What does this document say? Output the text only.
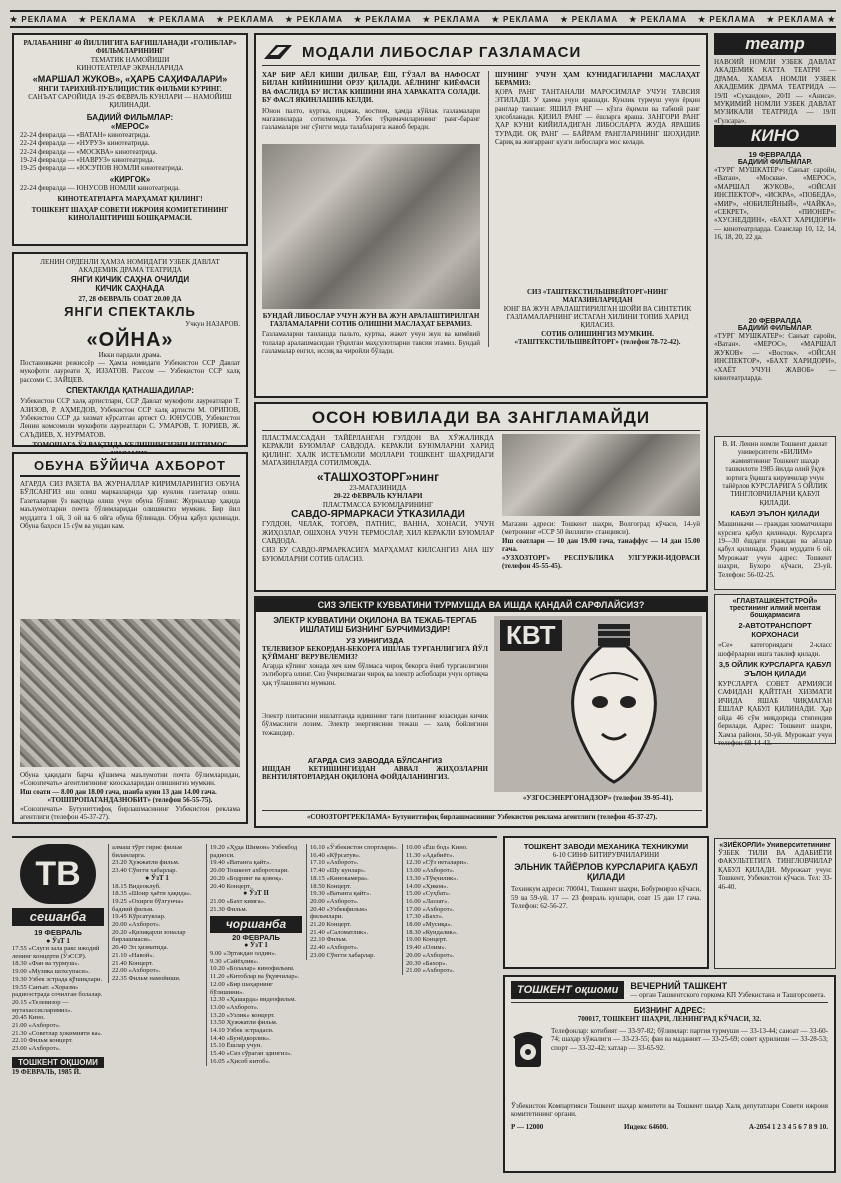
★ РЕКЛАМА ★ РЕКЛАМА ★ РЕКЛАМА ★ РЕКЛАМА ★ РЕКЛАМА ★ РЕКЛАМА ★ РЕКЛАМА ★ РЕКЛАМА ★ РЕКЛАМА ★ РЕКЛАМА ★ РЕКЛАМА ★ РЕКЛАМА ★
РАЛАБАНИНГ 40 ЙИЛЛИГИГА БАҒИШЛАНАДИ «ГОЛИБЛАР» ФИЛЬМЛАРИНИНГ
ТЕМАТИК НАМОЙИШИ
КИНОТЕАТРЛАР ЭКРАНЛАРИДА
«МАРШАЛ ЖУКОВ», «ҲАРБ САҲИФАЛАРИ»
ЯНГИ ТАРИХИЙ-ПУБЛИЦИСТИК ФИЛЬМИ КУРИНГ.
САНЪАТ САРОЙИДА 19-25 ФЕВРАЛЬ КУНЛАРИ — НАМОЙИШ ҚИЛИНАДИ.
БАДИИЙ ФИЛЬМЛАР:
«МЕРОС»
22-24 февралда — «ВАТАН» кинотеатрида.
22-24 февралда — «НУРУЗ» кинотеатрида.
22-24 февралда — «МОСКВА» кинотеатрида.
19-24 февралда — «НАВРУЗ» кинотеатрида.
19-25 февралда — «ЮСУПОВ НОМЛИ кинотеатрида.
«КИРГОК»
22-24 февралда — ЮНУСОВ НОМЛИ кинотеатрида.
КИНОТЕАТРЛАРГА МАРҲАМАТ ҚИЛИНГ!
ТОШКЕНТ ШАҲАР СОВЕТИ ИЖРОИЯ КОМИТЕТИНИНГ КИНОЛАШТИРИШ БОШҚАРМАСИ.
ЛЕНИН ОРДЕНЛИ ҲАМЗА НОМИДАГИ УЗБЕК ДАВЛАТ АКАДЕМИК ДРАМА ТЕАТРИДА
ЯНГИ КИЧИК САҲНА ОЧИЛДИ
КИЧИК САҲНАДА
27, 28 ФЕВРАЛЬ СОАТ 20.00 ДА
ЯНГИ СПЕКТАКЛЬ
Учкун НАЗАРОВ.
«ОЙНА»
Икки пардали драма.
Постановкачи режиссёр — Ҳамза номидаги Узбекистон ССР Давлат мукофоти лауреати Ҳ. ИЗЗАТОВ. Рассом — Узбекистон ССР халқ рассоми С. ЗАЙЦЕВ.
СПЕКТАКЛДА ҚАТНАШАДИЛАР:
Узбекистон ССР халқ артистлари, ССР Давлат мукофоти лауреатлари Т. АЗИЗОВ, Р. АҲМЕДОВ, Узбекистон ССР халқ артисти М. ОРИПОВ, Узбекистон ССР да хизмат кўрсатган артист О. ЮНУСОВ, Узбекистон Ленин комсомоли мукофоти лауреатлари С. УМАРОВ, Т. ЮРИЕВ, Ж. САЪДИЕВ, Х. НУРМАТОВ.
ТОМОШАГА ЎЗ ВАҚТИДА КЕЛИШИНГИЗНИ ИЛТИМОС
ОБУНА БЎЙИЧА АХБОРОТ
АГАРДА СИЗ РАЗЕТА ВА ЖУРНАЛЛАР КИРИМЛАРИНГИЗ ОБУНА БЎЛСАНГИЗ иш олиш марказларида ҳар кунлик газеталар олиш. Газеталарни ўз вақтида олиш учун обуна бўлинг. Журналлар ҳақида маълумотларни почта бўлимларидан олишингиз мумкин. Бир йил муддатга 1 ой, 3 ой ва 6 ойга обуна бўлинади. Обуна қабул қилинади. Обуна баҳоси 15 сўм ва ундан кам.
Обуна ҳақидаги барча қўшимча маълумотни почта бўлимларидан, «Союзпечать» агентлигининг киоскаларидан олишингиз мумкин.
Иш соати — 8.00 дан 18.00 гача, шанба куни 13 дан 14.00 гача.
«ТОШПРОПАГАНДАЗНОБИТ» (телефон 56-55-75).
«Союзпечать» Бутуниттифоқ бирлашмасининг Узбекистон реклама агентлиги (телефон 45-37-27).
МОДАЛИ ЛИБОСЛАР ГАЗЛАМАСИ
ХАР БИР АЁЛ КИШИ ДИЛБАР, ЁШ, ГЎЗАЛ ВА НАФОСАТ БИЛАН КИЙИНИШНИ ОРЗУ ҚИЛАДИ. АЁЛНИНГ КИЁФАСИ ВА ФАСЛИДА БУ ИСТАК КИШИНИ ЯНА ХАРАКАТГА СОЛАДИ. БУ ФАСЛ ЯКИНЛАШИБ КЕЛДИ.
Юнон палто, куртка, пиджак, костюм, ҳамда кўйлак газламалари магазинларда сотилмоқда. Узбек тўқимачиларининг ранг-баранг газламалари энг сўнгги мода талабларига жавоб беради.
БУНДАЙ ЛИБОСЛАР УЧУН ЖУН ВА ЖУН АРАЛАШТИРИЛГАН ГАЗЛАМАЛАРНИ СОТИБ ОЛИШНИ МАСЛАҲАТ БЕРАМИЗ.
Газламаларни танлашда пальто, куртка, жакет учун жун ва кимёвий толалар аралашмасидан тўқилган маҳсулотларни тавсия этамиз. Бундай газламалар енгил, иссиқ ва чиройли бўлади.
ШУНИНГ УЧУН ҲАМ КУНИДАГИЛАРНИ МАСЛАҲАТ БЕРАМИЗ:
ҚОРА РАНГ ТАНТАНАЛИ МАРОСИМЛАР УЧУН ТАВСИЯ ЭТИЛАДИ. У ҳамма учун ярашади. Кунлик турмуш учун ёрқин ранглар танланг. ЯШИЛ РАНГ — кўзга ёқимли ва табиий ранг ҳисобланади. ҚИЗИЛ РАНГ — ёшларга яраша. ЗАНГОРИ РАНГ ҲАР КУНИ КИЙИЛАДИГАН ЛИБОСЛАРГА ЖУДА ЯРАШИБ ТУРАДИ. ОҚ РАНГ — БАЙРАМ РАНГЛАРИНИНГ ШОҲИДИР. Сариқ ва жигарранг кузги либосларга мос келади.
СИЗ «ТАШТЕКСТИЛЬШВЕЙТОРГ»НИНГ МАГАЗИНЛАРИДАН
ЮНГ ВА ЖУН АРАЛАШТИРИЛГАН ШОЙИ ВА СИНТЕТИК ГАЗЛАМАЛАРНИНГ ИСТАГАН ХИЛИНИ ТОПИБ ХАРИД ҚИЛАСИЗ.
СОТИБ ОЛИШИНГИЗ МУМКИН.
«ТАШТЕКСТИЛЬШВЕЙТОРГ» (телефон 78-72-42).
театр
НАВОИЙ НОМЛИ УЗБЕК ДАВЛАТ АКАДЕМИК КАТТА ТЕАТРИ — ДРАМА. ХАМЗА НОМЛИ УЗБЕК АКАДЕМИК ДРАМА ТЕАТРИДА — 19/II «Сухандон», 20/II — «Аниса». МУҚИМИЙ НОМЛИ УЗБЕК ДАВЛАТ МУЗИКАЛИ ТЕАТРИДА — 19/II «Гулсара».
КИНО
19 ФЕВРАЛДА
БАДИИЙ ФИЛЬМЛАР.
«ТУРГ МУШКАТЕР»: Санъат саройи, «Ватан», «Москва». «МЕРОС», «МАРШАЛ ЖУКОВ», «ОЙСАН ИНСПЕКТОР», «ИСКРА», «ПОБЕДА», «МИР», «ЮБИЛЕЙНЫЙ», «ЧАЙКА», «СЕКРЕТ», «ПИОНЕР»: «ХУСНЕДДИН», «БАХТ ХАРИДОРИ» — кинотеатрларда. Сеанслар 10, 12, 14, 16, 18, 20, 22 да.
20 ФЕВРАЛДА
БАДИИЙ ФИЛЬМЛАР.
«ТУРГ МУШКАТЕР»: Санъат саройи, «Ватан». «МЕРОС», «МАРШАЛ ЖУКОВ» — «Восток». «ОЙСАН ИНСПЕКТОР», «БАХТ ХАРИДОРИ», «ХАЁТ УЧУН ЖАВОБ» — кинотеатрларда.
В. И. Ленин номли Тошкент давлат университети «БИЛИМ» жамиятининг Тошкент шаҳар ташкилоти 1985 йилда олий ўқув юртига ўқишга кирувчилар учун тайёрлов КУРСЛАРИГА 5 ОЙЛИК ТИНГЛОВЧИЛАРНИ ҚАБУЛ ҚИЛАДИ.
КАБУЛ ЭЪЛОН ҚИЛАДИ
Машинкачи — граждан хизматчилари курсига қабул қилинади. Курсларга 19—30 ёшдаги граждан ва аёллар қабул қилинади. Ўқиш муддати 6 ой. Мурожаат учун адрес: Тошкент шаҳри, Бухоро кўчаси, 23-уй. Телефон: 56-02-25.
«ГЛАВТАШКЕНТСТРОЙ» трестининг илмий монтаж бошқармасига
2-АВТОТРАНСПОРТ КОРХОНАСИ
«Се» категориядаги 2-класс шофёрларни ишга таклиф қилади.
3,5 ОЙЛИК КУРСЛАРГА ҚАБУЛ ЭЪЛОН ҚИЛАДИ
КУРСЛАРГА СОВЕТ АРМИЯСИ САФИДАН ҚАЙТГАН ХИЗМАТИ ИЧИДА ЯШАБ ЧИҚМАГАН ЁШЛАР ҚАБУЛ ҚИЛИНАДИ. Ҳар ойда 46 сўм миқдорида стипендия берилади. Адрес: Тошкент шаҳри, Хамза райони, 50-уй. Мурожаат учун телефон 68-14-43.
ОСОН ЮВИЛАДИ ВА ЗАНГЛАМАЙДИ
ПЛАСТМАССАДАН ТАЙЁРЛАНГАН ГУЛДОН ВА ХЎЖАЛИКДА КЕРАКЛИ БУЮМЛАР САВДОДА. КЕРАКЛИ БУЮМЛАРНИ ХАРИД ҚИЛИНГ. ХАЛК ИСТЕЪМОЛИ МОЛЛАРИ ТОШКЕНТ ШАҲРИДАГИ МАГАЗИНЛАРДА СОТИЛМОҚДА.
«ТАШХОЗТОРГ»нинг
23-МАГАЗИНИДА
20-22 ФЕВРАЛЬ КУНЛАРИ
ПЛАСТМАССА БУЮМЛАРИНИНГ
САВДО-ЯРМАРКАСИ ЎТКАЗИЛАДИ
ГУЛДОН, ЧЕЛАК, ТОГОРА, ПАТНИС, ВАННА, ХОНАСИ, УЧУН ЖИҲОЗЛАР, ОШХОНА УЧУН ТЕРМОСЛАР, ХИЛ КЕРАКЛИ БУЮМЛАР САВДОДА.
СИЗ БУ САВДО-ЯРМАРКАСИГА МАРҲАМАТ КИЛСАНГИЗ АНА ШУ БУЮМЛАРНИ СОТИБ ОЛАСИЗ.
Магазин адреси: Тошкент шаҳри, Волгоград кўчаси, 14-уй (метронинг «ССР 50 йиллиги» станцияси).
Иш соатлари — 10 дан 19.00 гача, танаффус — 14 дан 15.00 гача.
«УЗХОЗТОРГ» РЕСПУБЛИКА УЛГУРЖИ-ИДОРАСИ (телефон 45-55-45).
СИЗ ЭЛЕКТР КУВВАТИНИ ТУРМУШДА ВА ИШДА ҚАНДАЙ САРФЛАЙСИЗ?
ЭЛЕКТР КУВВАТИНИ ОҚИЛОНА ВА ТЕЖАБ-ТЕРГАБ ИШЛАТИШ БИЗНИНГ БУРЧИМИЗДИР!
УЗ УИНИГИЗДА
ТЕЛЕВИЗОР БЕКОРДАН-БЕКОРГА ИШЛАБ ТУРГАНЛИГИГА ЙЎЛ ҚЎЙМАНГ ВЕРУВЕЛЕМИЗ?
Агарда кўпинг хонада хеч ким бўлмаса чироқ бекорга ёниб турганлигини эътиборга олинг. Сиз ўчирилмаган чироқ ва электр асбоблари учун ортиқча ҳақ тўлашингиз мумкин.
Электр плитасини ишлатганда идишнинг таги плитанинг юзасидан кичик бўлмаслиги лозим. Электр энергиясини тежаш — халқ бойлигини тежашдир.
АГАРДА СИЗ ЗАВОДДА БЎЛСАНГИЗ
ИШДАН КЕТИШИНГИЗДАН АВВАЛ ЖИҲОЗЛАРНИ ВЕНТИЛЯТОРЛАРДАН ОҚИЛОНА ФОЙДАЛАНИНГИЗ.
КВТ
«УЗГОСЭНЕРГОНАДЗОР» (телефон 39-95-41).
«СОЮЗТОРГРЕКЛАМА» Бутуниттифоқ бирлашмасининг Узбекистон реклама агентлиги (телефон 45-37-27).
ТВ
сешанба
19 ФЕВРАЛЬ
● ЎзТ 1
17.55 «Слуги зала ракс ижодий ленинг концерти (ЎзССР).
18.30 «Фан ва турмуш».
19.00 «Музика шохсупаси».
19.30 Узбек эстрада қўшиқлари.
19.55 Санъат. «Хоразм» радиоэстрада сочилган болалар.
20.15 «Телевизор — мутахассисларимиз».
20.45 Кино.
21.00 «Ахборот».
21.30 «Советлар ҳокимияти ка».
22.10 Фильм концерт.
23.00 «Ахборот».
ТОШКЕНТ ОҚШОМИ
19 ФЕВРАЛЬ, 1985 Й.
алмаш тўрт гирис фильм биланларга.
23.20 Ҳужжатли фильм.
23.40 Сўнгги хабарлар.
● ЎзТ 1
18.15 Видеоклуб.
18.35 «Шоир ҳаёти ҳақида».
19.25 «Охирги бўлгунча» бадиий фильм.
19.45 Кўрсатувлар.
20.00 «Ахборот».
20.20 «Қизиқарли зоналар бирлашмаси».
20.40 Эл ҳизматида.
21.10 «Навой».
21.40 Концерт.
22.00 «Ахборот».
22.35 Фильм намойиши.
19.20 «Ҳуда Шимон» Узбекбод радиоси.
19.40 «Ватанга қайт».
20.00 Тошкент ахборотлари.
20.20 «Бодринг ва қовоқ».
20.40 Концерт.
● ЎзТ II
21.00 «Бахт кимга».
21.30 Фильм.
чоршанба
20 ФЕВРАЛЬ
● ЎзТ 1
9.00 «Эртакдан олдин».
9.30 «Сайёҳлик».
10.20 «Болалар» кинофильми.
11.20 «Китоблар ва ўқувчилар».
12.00 «Бир шаҳарнинг бўлишини».
12.30 «Ҳашарда» видеофильм.
13.00 «Ахборот».
13.20 «Узлик» концерт.
13.50 Ҳужжатли фильм.
14.10 Узбек эстрадаси.
14.40 «Бунёдкорлик».
15.10 Ёшлар учун.
15.40 «Сиз сўраган эдингиз».
16.05 «Ҳисоб китоб».
16.10 «Ўзбекистон спортлари».
16.40 «Кўрсатув».
17.10 «Ахборот».
17.40 «Шу кунлар».
18.15 «Кинокамера».
18.50 Концерт.
19.30 «Ватанга қайт».
20.00 «Ахборот».
20.40 «Узбекфильм» фильмлари.
21.20 Концерт.
21.40 «Саломатлик».
22.10 Фильм.
22.40 «Ахборот».
23.00 Сўнгги хабарлар.
10.00 «Ёш бод» Кино.
11.30 «Адабиёт».
12.30 «Сўз неталари».
13.00 «Ахборот».
13.30 «Тўқчилик».
14.00 «Ҳикоя».
15.00 «Суҳбат».
16.00 «Лаззат».
17.00 «Ахборот».
17.30 «Бахт».
18.00 «Мусиқа».
18.30 «Кундалик».
19.00 Концерт.
19.40 «Олим».
20.00 «Ахборот».
20.30 «Бахор».
21.00 «Ахборот».
ТОШКЕНТ ЗАВОДИ МЕХАНИКА ТЕХНИКУМИ
6-10 СИНФ БИТИРУВЧИЛАРИНИ
ЭЛЬНИК ТАЙЁРЛОВ КУРСЛАРИГА ҚАБУЛ ҚИЛАДИ
Техникум адреси: 700041, Тошкент шаҳри, Бобурмирзо кўчаси, 59 ва 59-уй. 17 — 23 февраль кунлари, соат 15 дан 17 гача. Телефон: 62-56-27.
«ЗИЁКОРЛИ» Университетининг
ЎЗБЕК ТИЛИ ВА АДАБИЁТИ ФАКУЛЬТЕТИГА ТИНГЛОВЧИЛАР ҚАБУЛ ҚИЛАДИ. Мурожаат учун: Тошкент, Узбекистон кўчаси. Тел: 33-46-40.
ТОШКЕНТ оқшоми	ВЕЧЕРНИЙ ТАШКЕНТ
— орган Ташкентского горкома КП Узбекистана и Ташгорсовета.
БИЗНИНГ АДРЕС:
700017, ТОШКЕНТ ШАҲРИ, ЛЕНИНГРАД КЎЧАСИ, 32.
Телефонлар: котибият — 33-97-82; бўлимлар: партия турмуши — 33-13-44; саноат — 33-60-74; шаҳар хўжалиги — 33-23-55; фан ва маданият — 33-25-69; совет қурилиши — 33-28-53; спорт — 33-32-42; хатлар — 33-65-92.
Ўзбекистон Компартияси Тошкент шаҳар комитети ва Тошкент шаҳар Халқ депутатлари Совети ижроия комитетининг органи.
Р — 12000	Индекс 64600.	А-2054 1 2 3 4 5 6 7 8 9 10.
